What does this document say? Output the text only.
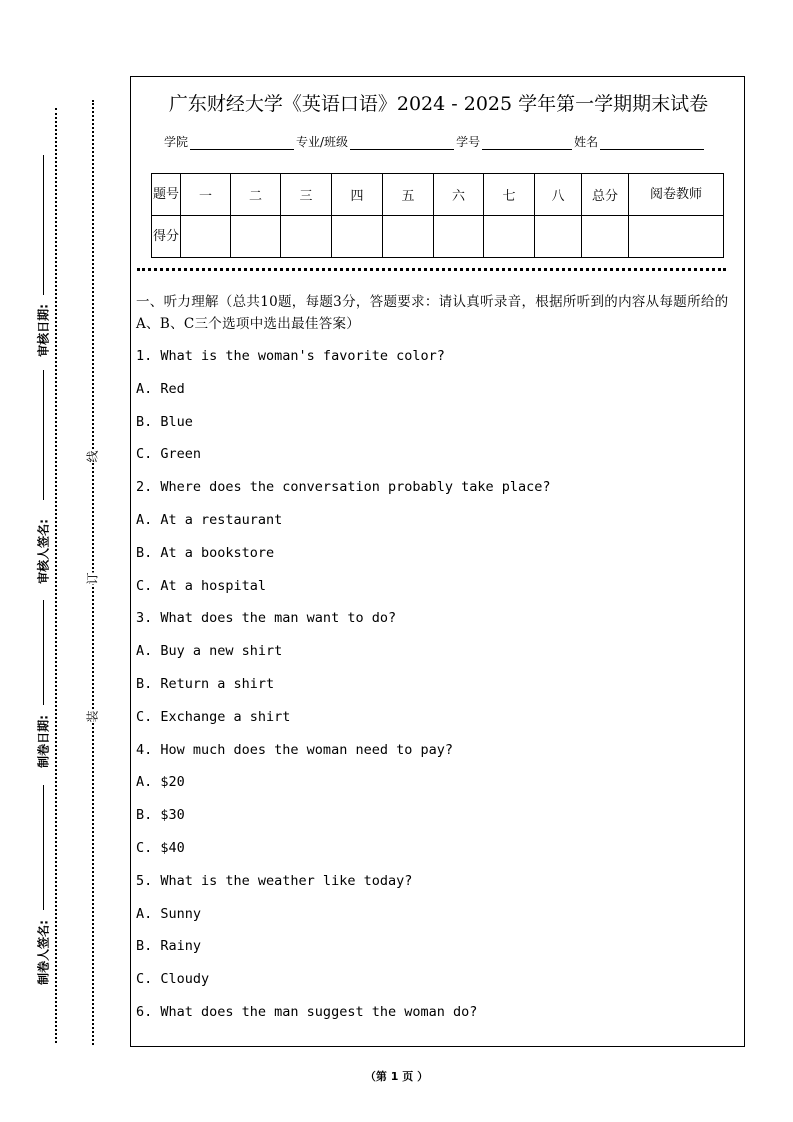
线
订
装
审核日期:
审核人签名:
制卷日期:
制卷人签名:
广东财经大学《英语口语》2024 - 2025 学年第一学期期末试卷
学院	专业/班级	学号	姓名
题号	一	二	三	四	五	六	七	八	总分	阅卷教师
得分										
一、听力理解（总共10题，每题3分，答题要求：请认真听录音，根据所听到的内容从每题所给的A、B、C三个选项中选出最佳答案）
1. What is the woman's favorite color?
A. Red
B. Blue
C. Green
2. Where does the conversation probably take place?
A. At a restaurant
B. At a bookstore
C. At a hospital
3. What does the man want to do?
A. Buy a new shirt
B. Return a shirt
C. Exchange a shirt
4. How much does the woman need to pay?
A. $20
B. $30
C. $40
5. What is the weather like today?
A. Sunny
B. Rainy
C. Cloudy
6. What does the man suggest the woman do?
（第 1 页 ）
